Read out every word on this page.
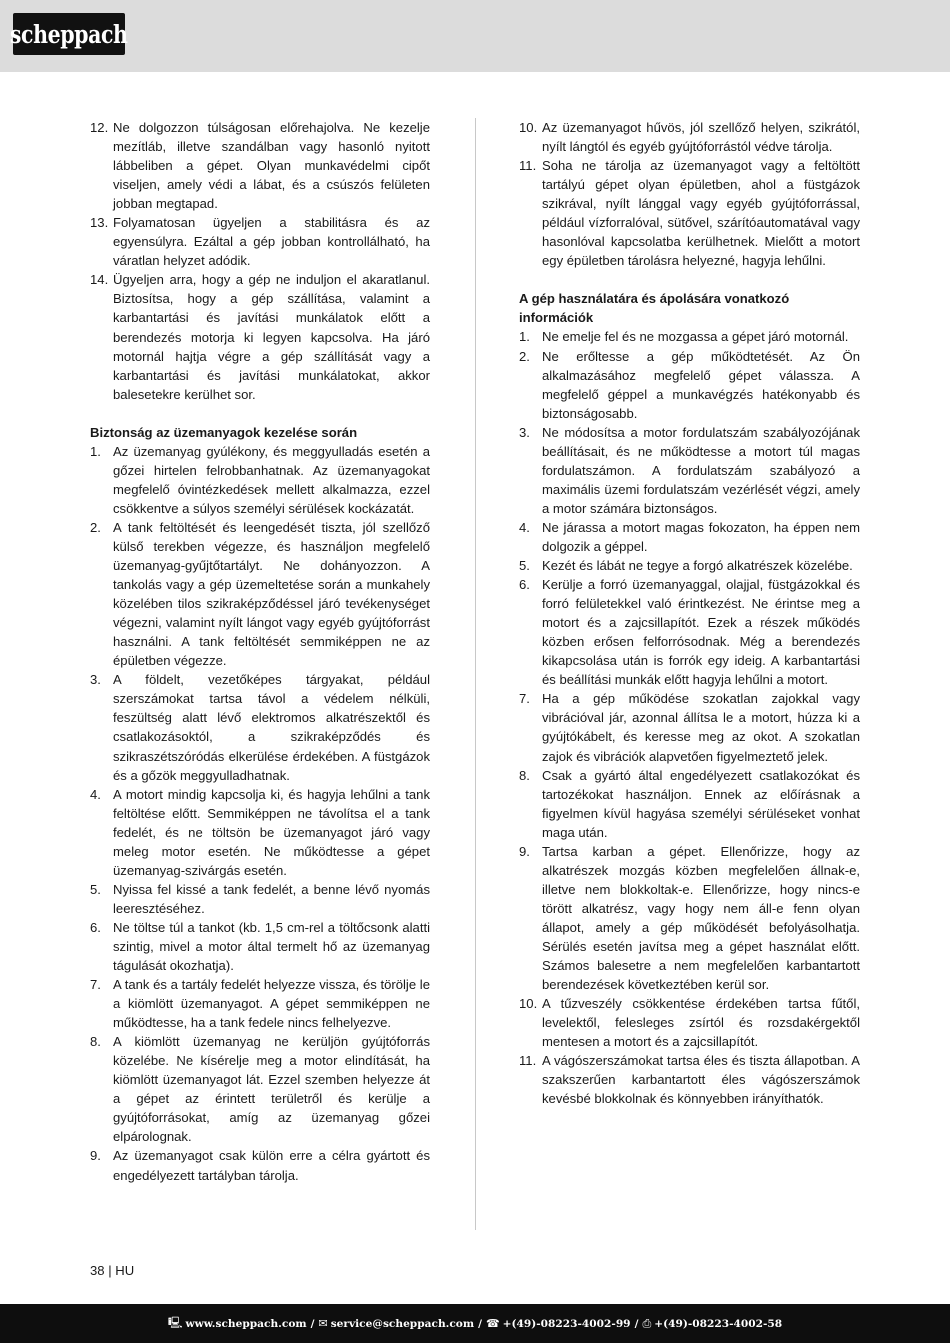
scheppach
12. Ne dolgozzon túlságosan előrehajolva. Ne kezelje mezítláb, illetve szandálban vagy hasonló nyitott lábbeliben a gépet. Olyan munkavédelmi cipőt viseljen, amely védi a lábat, és a csúszós felületen jobban megtapad.
13. Folyamatosan ügyeljen a stabilitásra és az egyensúlyra. Ezáltal a gép jobban kontrollálható, ha váratlan helyzet adódik.
14. Ügyeljen arra, hogy a gép ne induljon el akaratlanul. Biztosítsa, hogy a gép szállítása, valamint a karbantartási és javítási munkálatok előtt a berendezés motorja ki legyen kapcsolva. Ha járó motornál hajtja végre a gép szállítását vagy a karbantartási és javítási munkálatokat, akkor balesetekre kerülhet sor.
Biztonság az üzemanyagok kezelése során
1. Az üzemanyag gyúlékony, és meggyulladás esetén a gőzei hirtelen felrobbanhatnak. Az üzemanyagokat megfelelő óvintézkedések mellett alkalmazza, ezzel csökkentve a súlyos személyi sérülések kockázatát.
2. A tank feltöltését és leengedését tiszta, jól szellőző külső terekben végezze, és használjon megfelelő üzemanyag-gyűjtőtartályt. Ne dohányozzon. A tankolás vagy a gép üzemeltetése során a munkahely közelében tilos szikraképződéssel járó tevékenységet végezni, valamint nyílt lángot vagy egyéb gyújtóforrást használni. A tank feltöltését semmiképpen ne az épületben végezze.
3. A földelt, vezetőképes tárgyakat, például szerszámokat tartsa távol a védelem nélküli, feszültség alatt lévő elektromos alkatrészektől és csatlakozásoktól, a szikraképződés és szikraszétszóródás elkerülése érdekében. A füstgázok és a gőzök meggyulladhatnak.
4. A motort mindig kapcsolja ki, és hagyja lehűlni a tank feltöltése előtt. Semmiképpen ne távolítsa el a tank fedelét, és ne töltsön be üzemanyagot járó vagy meleg motor esetén. Ne működtesse a gépet üzemanyag-szivárgás esetén.
5. Nyissa fel kissé a tank fedelét, a benne lévő nyomás leeresztéséhez.
6. Ne töltse túl a tankot (kb. 1,5 cm-rel a töltőcsonk alatti szintig, mivel a motor által termelt hő az üzemanyag tágulását okozhatja).
7. A tank és a tartály fedelét helyezze vissza, és törölje le a kiömlött üzemanyagot. A gépet semmiképpen ne működtesse, ha a tank fedele nincs felhelyezve.
8. A kiömlött üzemanyag ne kerüljön gyújtóforrás közelébe. Ne kísérelje meg a motor elindítását, ha kiömlött üzemanyagot lát. Ezzel szemben helyezze át a gépet az érintett területről és kerülje a gyújtóforrásokat, amíg az üzemanyag gőzei elpárolognak.
9. Az üzemanyagot csak külön erre a célra gyártott és engedélyezett tartályban tárolja.
10. Az üzemanyagot hűvös, jól szellőző helyen, szikrától, nyílt lángtól és egyéb gyújtóforrástól védve tárolja.
11. Soha ne tárolja az üzemanyagot vagy a feltöltött tartályú gépet olyan épületben, ahol a füstgázok szikrával, nyílt lánggal vagy egyéb gyújtóforrással, például vízforralóval, sütővel, szárítóautomatával vagy hasonlóval kapcsolatba kerülhetnek. Mielőtt a motort egy épületben tárolásra helyezné, hagyja lehűlni.
A gép használatára és ápolására vonatkozó információk
1. Ne emelje fel és ne mozgassa a gépet járó motornál.
2. Ne erőltesse a gép működtetését. Az Ön alkalmazásához megfelelő gépet válassza. A megfelelő géppel a munkavégzés hatékonyabb és biztonságosabb.
3. Ne módosítsa a motor fordulatszám szabályozójának beállításait, és ne működtesse a motort túl magas fordulatszámon. A fordulatszám szabályozó a maximális üzemi fordulatszám vezérlését végzi, amely a motor számára biztonságos.
4. Ne járassa a motort magas fokozaton, ha éppen nem dolgozik a géppel.
5. Kezét és lábát ne tegye a forgó alkatrészek közelébe.
6. Kerülje a forró üzemanyaggal, olajjal, füstgázokkal és forró felületekkel való érintkezést. Ne érintse meg a motort és a zajcsillapítót. Ezek a részek működés közben erősen felforrósodnak. Még a berendezés kikapcsolása után is forrók egy ideig. A karbantartási és beállítási munkák előtt hagyja lehűlni a motort.
7. Ha a gép működése szokatlan zajokkal vagy vibrációval jár, azonnal állítsa le a motort, húzza ki a gyújtókábelt, és keresse meg az okot. A szokatlan zajok és vibrációk alapvetően figyelmeztető jelek.
8. Csak a gyártó által engedélyezett csatlakozókat és tartozékokat használjon. Ennek az előírásnak a figyelmen kívül hagyása személyi sérüléseket vonhat maga után.
9. Tartsa karban a gépet. Ellenőrizze, hogy az alkatrészek mozgás közben megfelelően állnak-e, illetve nem blokkoltak-e. Ellenőrizze, hogy nincs-e törött alkatrész, vagy hogy nem áll-e fenn olyan állapot, amely a gép működését befolyásolhatja. Sérülés esetén javítsa meg a gépet használat előtt. Számos balesetre a nem megfelelően karbantartott berendezések következtében kerül sor.
10. A tűzveszély csökkentése érdekében tartsa fűtől, levelektől, felesleges zsírtól és rozsdakérgektől mentesen a motort és a zajcsillapítót.
11. A vágószerszámokat tartsa éles és tiszta állapotban. A szakszerűen karbantartott éles vágószerszámok kevésbé blokkolnak és könnyebben irányíthatók.
38 | HU
🖳 www.scheppach.com / ✉ service@scheppach.com / ☎ +(49)-08223-4002-99 / ⎙ +(49)-08223-4002-58
